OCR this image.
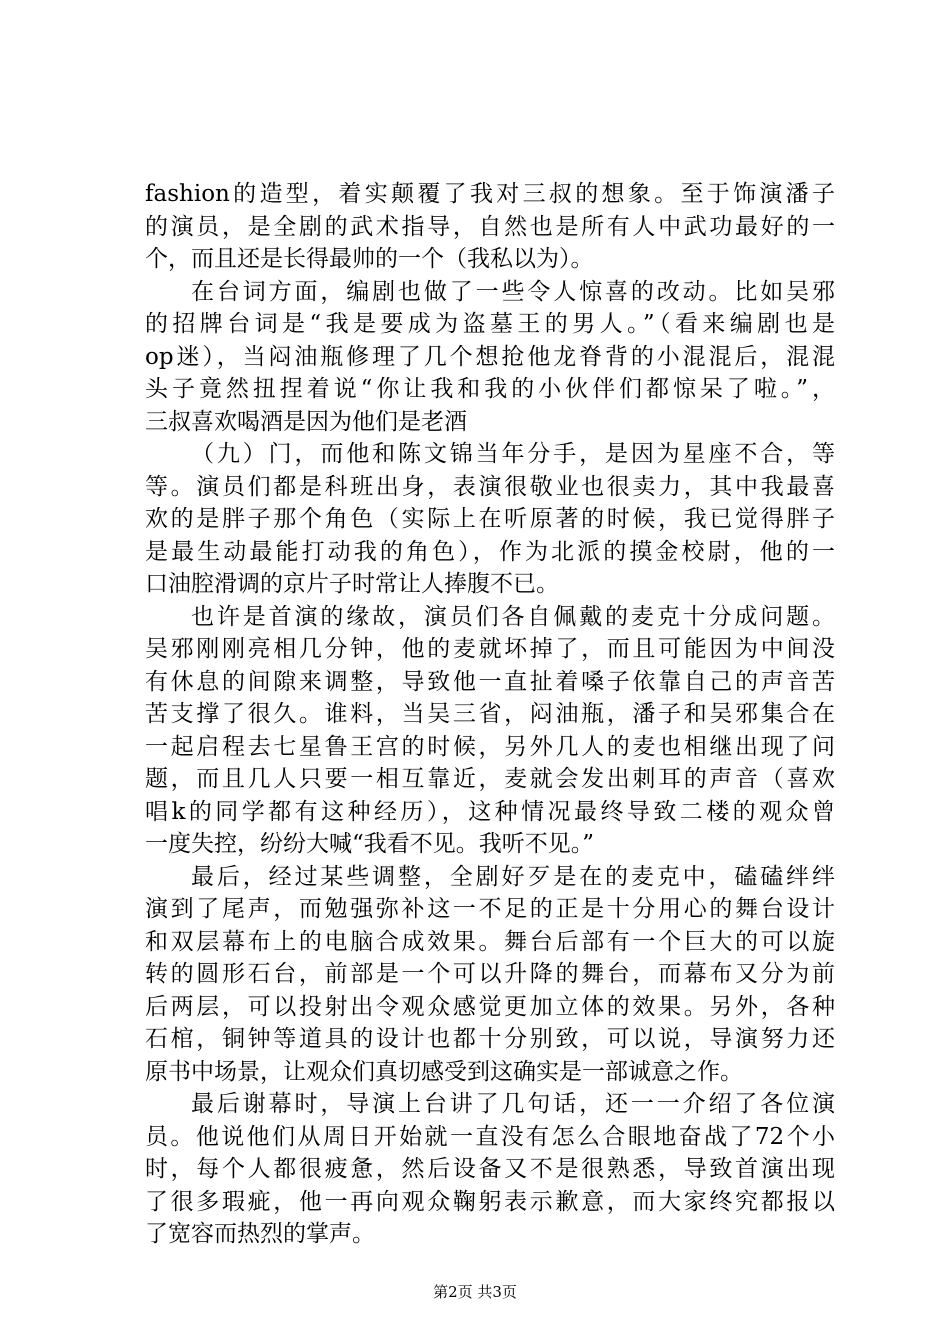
fashion的造型，着实颠覆了我对三叔的想象。至于饰演潘子
的演员，是全剧的武术指导，自然也是所有人中武功最好的一
个，而且还是长得最帅的一个（我私以为）。
在台词方面，编剧也做了一些令人惊喜的改动。比如吴邪
的招牌台词是“我是要成为盗墓王的男人。”（看来编剧也是
op迷），当闷油瓶修理了几个想抢他龙脊背的小混混后，混混
头子竟然扭捏着说“你让我和我的小伙伴们都惊呆了啦。”，
三叔喜欢喝酒是因为他们是老酒
（九）门，而他和陈文锦当年分手，是因为星座不合，等
等。演员们都是科班出身，表演很敬业也很卖力，其中我最喜
欢的是胖子那个角色（实际上在听原著的时候，我已觉得胖子
是最生动最能打动我的角色），作为北派的摸金校尉，他的一
口油腔滑调的京片子时常让人捧腹不已。
也许是首演的缘故，演员们各自佩戴的麦克十分成问题。
吴邪刚刚亮相几分钟，他的麦就坏掉了，而且可能因为中间没
有休息的间隙来调整，导致他一直扯着嗓子依靠自己的声音苦
苦支撑了很久。谁料，当吴三省，闷油瓶，潘子和吴邪集合在
一起启程去七星鲁王宫的时候，另外几人的麦也相继出现了问
题，而且几人只要一相互靠近，麦就会发出刺耳的声音（喜欢
唱k的同学都有这种经历），这种情况最终导致二楼的观众曾
一度失控，纷纷大喊“我看不见。我听不见。”
最后，经过某些调整，全剧好歹是在的麦克中，磕磕绊绊
演到了尾声，而勉强弥补这一不足的正是十分用心的舞台设计
和双层幕布上的电脑合成效果。舞台后部有一个巨大的可以旋
转的圆形石台，前部是一个可以升降的舞台，而幕布又分为前
后两层，可以投射出令观众感觉更加立体的效果。另外，各种
石棺，铜钟等道具的设计也都十分别致，可以说，导演努力还
原书中场景，让观众们真切感受到这确实是一部诚意之作。
最后谢幕时，导演上台讲了几句话，还一一介绍了各位演
员。他说他们从周日开始就一直没有怎么合眼地奋战了72个小
时，每个人都很疲惫，然后设备又不是很熟悉，导致首演出现
了很多瑕疵，他一再向观众鞠躬表示歉意，而大家终究都报以
了宽容而热烈的掌声。
第2页 共3页
